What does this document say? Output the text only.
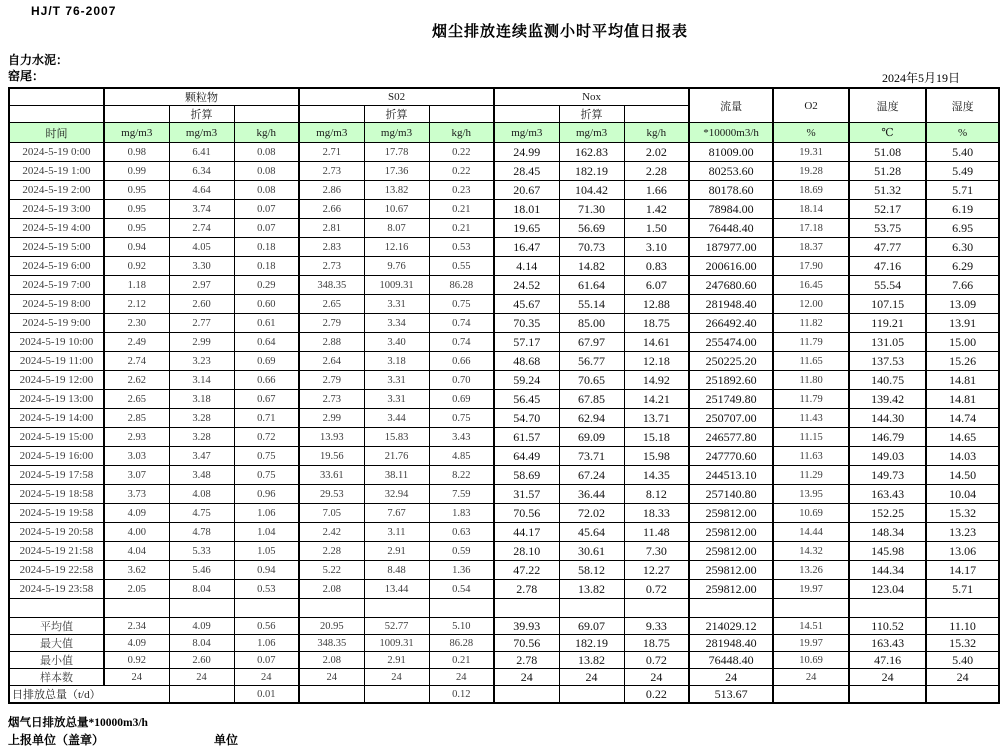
HJ/T 76-2007
烟尘排放连续监测小时平均值日报表
自力水泥：
窑尾：	2024年5月19日
	颗粒物			S02			Nox			流量	O2	温度	湿度
		折算			折算			折算					
时间	mg/m3	mg/m3	kg/h	mg/m3	mg/m3	kg/h	mg/m3	mg/m3	kg/h	*10000m3/h	%	℃	%
2024-5-19 0:00	0.98	6.41	0.08	2.71	17.78	0.22	24.99	162.83	2.02	81009.00	19.31	51.08	5.40
2024-5-19 1:00	0.99	6.34	0.08	2.73	17.36	0.22	28.45	182.19	2.28	80253.60	19.28	51.28	5.49
2024-5-19 2:00	0.95	4.64	0.08	2.86	13.82	0.23	20.67	104.42	1.66	80178.60	18.69	51.32	5.71
2024-5-19 3:00	0.95	3.74	0.07	2.66	10.67	0.21	18.01	71.30	1.42	78984.00	18.14	52.17	6.19
2024-5-19 4:00	0.95	2.74	0.07	2.81	8.07	0.21	19.65	56.69	1.50	76448.40	17.18	53.75	6.95
2024-5-19 5:00	0.94	4.05	0.18	2.83	12.16	0.53	16.47	70.73	3.10	187977.00	18.37	47.77	6.30
2024-5-19 6:00	0.92	3.30	0.18	2.73	9.76	0.55	4.14	14.82	0.83	200616.00	17.90	47.16	6.29
2024-5-19 7:00	1.18	2.97	0.29	348.35	1009.31	86.28	24.52	61.64	6.07	247680.60	16.45	55.54	7.66
2024-5-19 8:00	2.12	2.60	0.60	2.65	3.31	0.75	45.67	55.14	12.88	281948.40	12.00	107.15	13.09
2024-5-19 9:00	2.30	2.77	0.61	2.79	3.34	0.74	70.35	85.00	18.75	266492.40	11.82	119.21	13.91
2024-5-19 10:00	2.49	2.99	0.64	2.88	3.40	0.74	57.17	67.97	14.61	255474.00	11.79	131.05	15.00
2024-5-19 11:00	2.74	3.23	0.69	2.64	3.18	0.66	48.68	56.77	12.18	250225.20	11.65	137.53	15.26
2024-5-19 12:00	2.62	3.14	0.66	2.79	3.31	0.70	59.24	70.65	14.92	251892.60	11.80	140.75	14.81
2024-5-19 13:00	2.65	3.18	0.67	2.73	3.31	0.69	56.45	67.85	14.21	251749.80	11.79	139.42	14.81
2024-5-19 14:00	2.85	3.28	0.71	2.99	3.44	0.75	54.70	62.94	13.71	250707.00	11.43	144.30	14.74
2024-5-19 15:00	2.93	3.28	0.72	13.93	15.83	3.43	61.57	69.09	15.18	246577.80	11.15	146.79	14.65
2024-5-19 16:00	3.03	3.47	0.75	19.56	21.76	4.85	64.49	73.71	15.98	247770.60	11.63	149.03	14.03
2024-5-19 17:58	3.07	3.48	0.75	33.61	38.11	8.22	58.69	67.24	14.35	244513.10	11.29	149.73	14.50
2024-5-19 18:58	3.73	4.08	0.96	29.53	32.94	7.59	31.57	36.44	8.12	257140.80	13.95	163.43	10.04
2024-5-19 19:58	4.09	4.75	1.06	7.05	7.67	1.83	70.56	72.02	18.33	259812.00	10.69	152.25	15.32
2024-5-19 20:58	4.00	4.78	1.04	2.42	3.11	0.63	44.17	45.64	11.48	259812.00	14.44	148.34	13.23
2024-5-19 21:58	4.04	5.33	1.05	2.28	2.91	0.59	28.10	30.61	7.30	259812.00	14.32	145.98	13.06
2024-5-19 22:58	3.62	5.46	0.94	5.22	8.48	1.36	47.22	58.12	12.27	259812.00	13.26	144.34	14.17
2024-5-19 23:58	2.05	8.04	0.53	2.08	13.44	0.54	2.78	13.82	0.72	259812.00	19.97	123.04	5.71

平均值	2.34	4.09	0.56	20.95	52.77	5.10	39.93	69.07	9.33	214029.12	14.51	110.52	11.10
最大值	4.09	8.04	1.06	348.35	1009.31	86.28	70.56	182.19	18.75	281948.40	19.97	163.43	15.32
最小值	0.92	2.60	0.07	2.08	2.91	0.21	2.78	13.82	0.72	76448.40	10.69	47.16	5.40
样本数	24	24	24	24	24	24	24	24	24	24	24	24	24
日排放总量（t/d）			0.01			0.12			0.22	513.67			
烟气日排放总量*10000m3/h
上报单位（盖章）	单位
